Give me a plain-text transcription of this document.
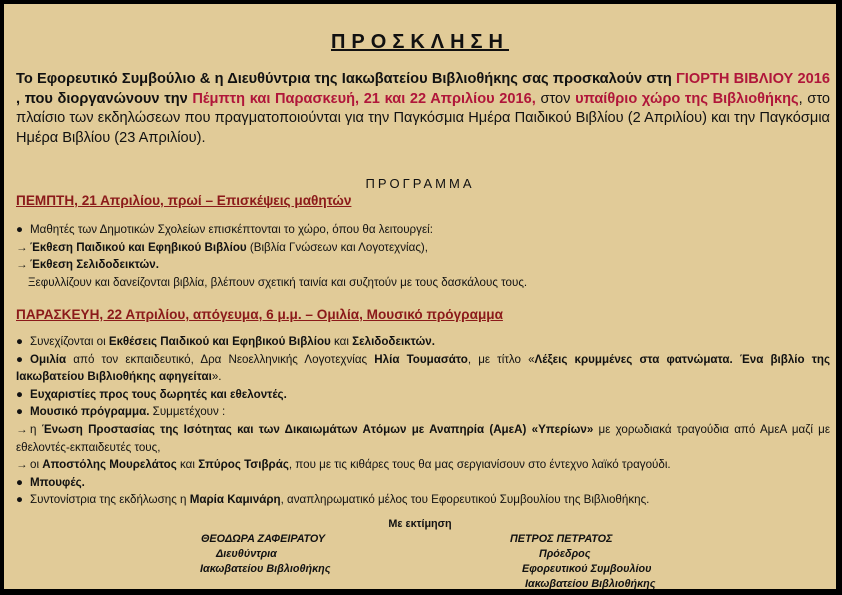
ΠΡΟΣΚΛΗΣΗ
Το Εφορευτικό Συμβούλιο & η Διευθύντρια της Ιακωβατείου Βιβλιοθήκης σας προσκαλούν στη ΓΙΟΡΤΗ ΒΙΒΛΙΟΥ 2016 , που διοργανώνουν την Πέμπτη και Παρασκευή, 21 και 22 Απριλίου 2016, στον υπαίθριο χώρο της Βιβλιοθήκης, στο πλαίσιο των εκδηλώσεων που πραγματοποιούνται για την Παγκόσμια Ημέρα Παιδικού Βιβλίου (2 Απριλίου) και την Παγκόσμια Ημέρα Βιβλίου (23 Απριλίου).
ΠΡΟΓΡΑΜΜΑ
ΠΕΜΠΤΗ, 21 Απριλίου, πρωί – Επισκέψεις μαθητών
● Μαθητές των Δημοτικών Σχολείων επισκέπτονται το χώρο, όπου θα λειτουργεί:
→ Έκθεση Παιδικού και Εφηβικού Βιβλίου (Βιβλία Γνώσεων και Λογοτεχνίας),
→ Έκθεση Σελιδοδεικτών.
Ξεφυλλίζουν και δανείζονται βιβλία, βλέπουν σχετική ταινία και συζητούν με τους δασκάλους τους.
ΠΑΡΑΣΚΕΥΗ, 22 Απριλίου, απόγευμα, 6 μ.μ. – Ομιλία, Μουσικό πρόγραμμα
● Συνεχίζονται οι Εκθέσεις Παιδικού και Εφηβικού Βιβλίου και Σελιδοδεικτών.
● Ομιλία από τον εκπαιδευτικό, Δρα Νεοελληνικής Λογοτεχνίας Ηλία Τουμασάτο, με τίτλο «Λέξεις κρυμμένες στα φατνώματα. Ένα βιβλίο της Ιακωβατείου Βιβλιοθήκης αφηγείται».
● Ευχαριστίες προς τους δωρητές και εθελοντές.
● Μουσικό πρόγραμμα. Συμμετέχουν :
→ η Ένωση Προστασίας της Ισότητας και των Δικαιωμάτων Ατόμων με Αναπηρία (ΑμεΑ) «Υπερίων» με χορωδιακά τραγούδια από ΑμεΑ μαζί με εθελοντές-εκπαιδευτές τους,
→ οι Αποστόλης Μουρελάτος και Σπύρος Τσιβράς, που με τις κιθάρες τους θα μας σεργιανίσουν στο έντεχνο λαϊκό τραγούδι.
● Μπουφές.
● Συντονίστρια της εκδήλωσης η Μαρία Καμινάρη, αναπληρωματικό μέλος του Εφορευτικού Συμβουλίου της Βιβλιοθήκης.
Με εκτίμηση
ΘΕΟΔΩΡΑ ΖΑΦΕΙΡΑΤΟΥ
Διευθύντρια
Ιακωβατείου Βιβλιοθήκης
ΠΕΤΡΟΣ ΠΕΤΡΑΤΟΣ
Πρόεδρος
Εφορευτικού Συμβουλίου
Ιακωβατείου Βιβλιοθήκης
